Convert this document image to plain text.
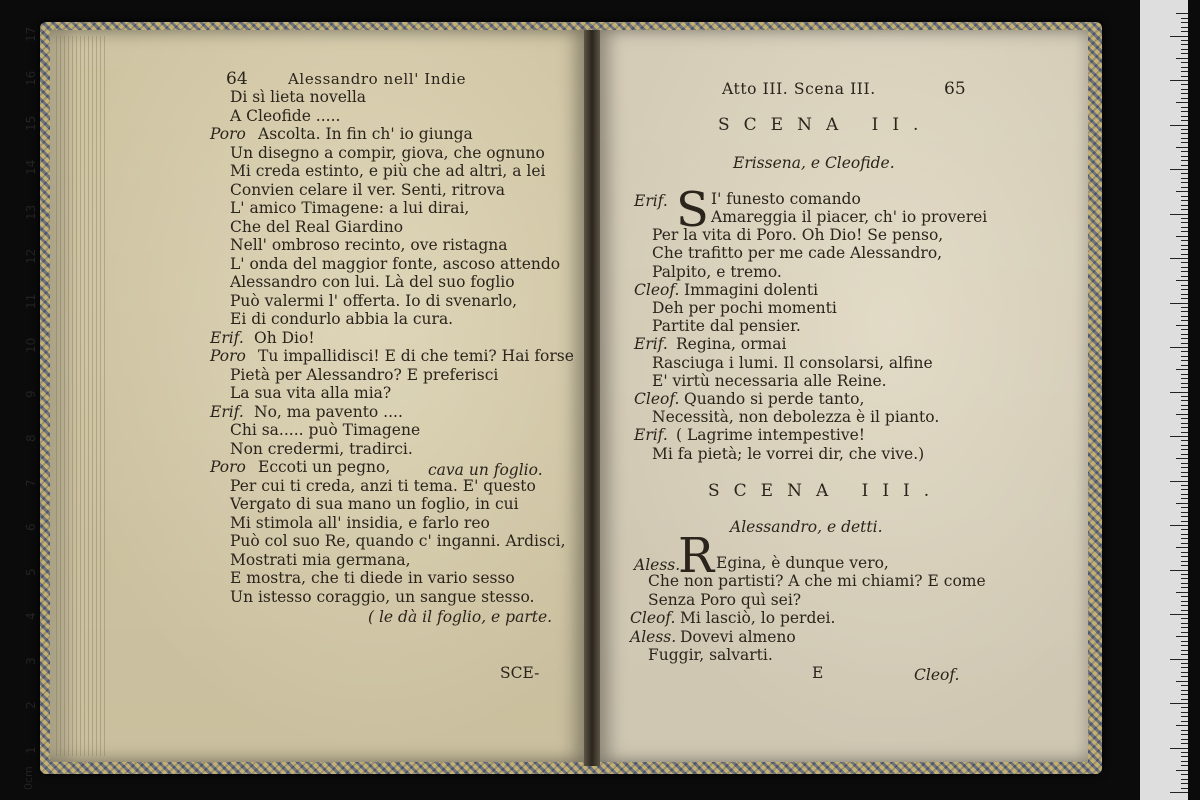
64	Alessandro nell' Indie
Di sì lieta novella
A Cleofide .....
Poro Ascolta. In fin ch' io giunga
Un disegno a compir, giova, che ognuno
Mi creda estinto, e più che ad altri, a lei
Convien celare il ver. Senti, ritrova
L' amico Timagene: a lui dirai,
Che del Real Giardino
Nell' ombroso recinto, ove ristagna
L' onda del maggior fonte, ascoso attendo
Alessandro con lui. Là del suo foglio
Può valermi l' offerta. Io di svenarlo,
Ei di condurlo abbia la cura.
Erif. Oh Dio!
Poro Tu impallidisci! E di che temi? Hai forse
Pietà per Alessandro? E preferisci
La sua vita alla mia?
Erif. No, ma pavento ....
Chi sa..... può Timagene
Non credermi, tradirci.
Poro Eccoti un pegno,
Per cui ti creda, anzi ti tema. E' questo
Vergato di sua mano un foglio, in cui
Mi stimola all' insidia, e farlo reo
Può col suo Re, quando c' inganni. Ardisci,
Mostrati mia germana,
E mostra, che ti diede in vario sesso
Un istesso coraggio, un sangue stesso.
cava un foglio.
( le dà il foglio, e parte.
SCE-
Atto III. Scena III.	65
SCENA II.
Erissena, e Cleofide.
Erif. S I' funesto comando
Amareggia il piacer, ch' io proverei
Per la vita di Poro. Oh Dio! Se penso,
Che trafitto per me cade Alessandro,
Palpito, e tremo.
Cleof. Immagini dolenti
Deh per pochi momenti
Partite dal pensier.
Erif. Regina, ormai
Rasciuga i lumi. Il consolarsi, alfine
E' virtù necessaria alle Reine.
Cleof. Quando si perde tanto,
Necessità, non debolezza è il pianto.
Erif. ( Lagrime intempestive!
Mi fa pietà; le vorrei dir, che vive.)
SCENA III.
Alessandro, e detti.
Aless.
R Egina, è dunque vero,
Che non partisti? A che mi chiami? E come
Senza Poro quì sei?
Cleof. Mi lasciò, lo perdei.
Aless. Dovevi almeno
Fuggir, salvarti.
E	Cleof.
1
2
3
4
5
6
7
8
9
10
11
12
13
14
15
16
17
0cm
